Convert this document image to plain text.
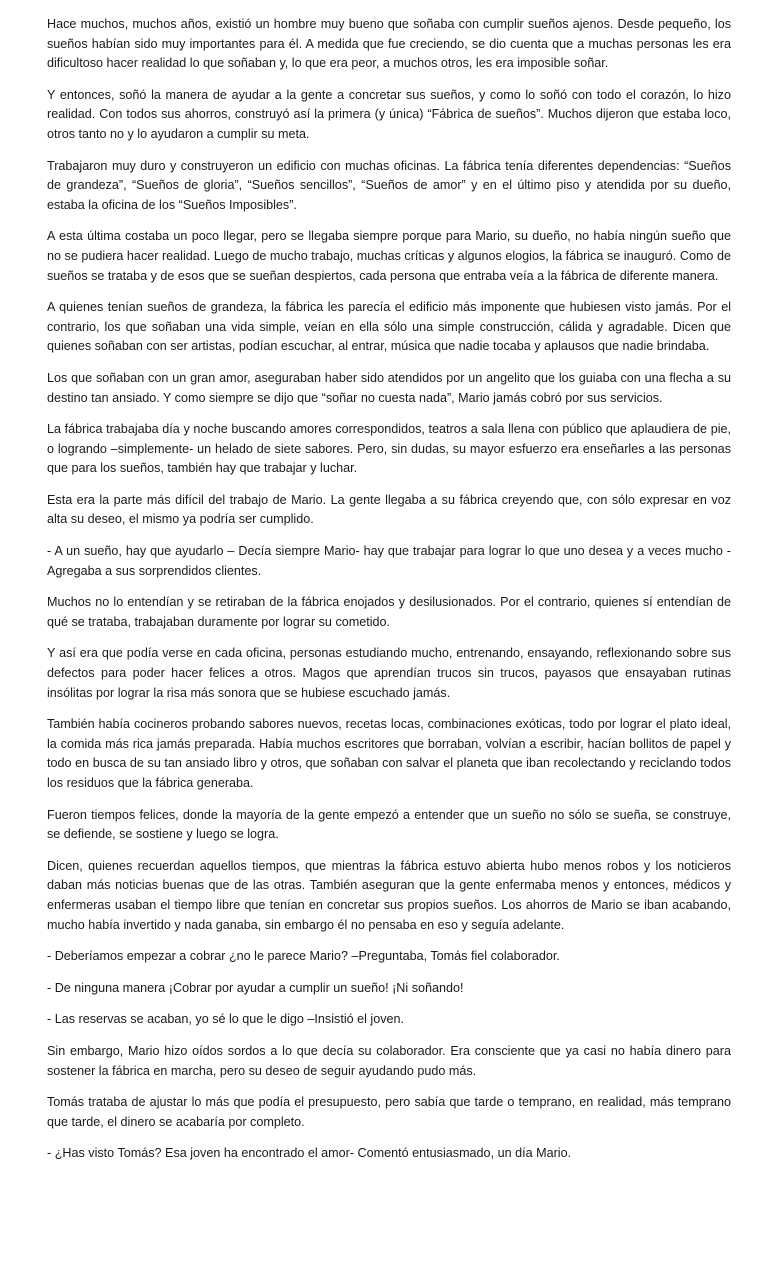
Hace muchos, muchos años, existió un hombre muy bueno que soñaba con cumplir sueños ajenos. Desde pequeño, los sueños habían sido muy importantes para él. A medida que fue creciendo, se dio cuenta que a muchas personas les era dificultoso hacer realidad lo que soñaban y, lo que era peor, a muchos otros, les era imposible soñar.

Y entonces, soñó la manera de ayudar a la gente a concretar sus sueños, y como lo soñó con todo el corazón, lo hizo realidad. Con todos sus ahorros, construyó así la primera (y única) “Fábrica de sueños”. Muchos dijeron que estaba loco, otros tanto no y lo ayudaron a cumplir su meta.

Trabajaron muy duro y construyeron un edificio con muchas oficinas. La fábrica tenía diferentes dependencias: “Sueños de grandeza”, “Sueños de gloria”, “Sueños sencillos”, “Sueños de amor” y en el último piso y atendida por su dueño, estaba la oficina de los “Sueños Imposibles”.

A esta última costaba un poco llegar, pero se llegaba siempre porque para Mario, su dueño, no había ningún sueño que no se pudiera hacer realidad. Luego de mucho trabajo, muchas críticas y algunos elogios, la fábrica se inauguró. Como de sueños se trataba y de esos que se sueñan despiertos, cada persona que entraba veía a la fábrica de diferente manera.

A quienes tenían sueños de grandeza, la fábrica les parecía el edificio más imponente que hubiesen visto jamás. Por el contrario, los que soñaban una vida simple, veían en ella sólo una simple construcción, cálida y agradable. Dicen que quienes soñaban con ser artistas, podían escuchar, al entrar, música que nadie tocaba y aplausos que nadie brindaba.

Los que soñaban con un gran amor, aseguraban haber sido atendidos por un angelito que los guiaba con una flecha a su destino tan ansiado. Y como siempre se dijo que “soñar no cuesta nada”, Mario jamás cobró por sus servicios.

La fábrica trabajaba día y noche buscando amores correspondidos, teatros a sala llena con público que aplaudiera de pie, o logrando –simplemente- un helado de siete sabores. Pero, sin dudas, su mayor esfuerzo era enseñarles a las personas que para los sueños, también hay que trabajar y luchar.

Esta era la parte más difícil del trabajo de Mario. La gente llegaba a su fábrica creyendo que, con sólo expresar en voz alta su deseo, el mismo ya podría ser cumplido.

- A un sueño, hay que ayudarlo – Decía siempre Mario- hay que trabajar para lograr lo que uno desea y a veces mucho -Agregaba a sus sorprendidos clientes.

Muchos no lo entendían y se retiraban de la fábrica enojados y desilusionados. Por el contrario, quienes sí entendían de qué se trataba, trabajaban duramente por lograr su cometido.

Y así era que podía verse en cada oficina, personas estudiando mucho, entrenando, ensayando, reflexionando sobre sus defectos para poder hacer felices a otros. Magos que aprendían trucos sin trucos, payasos que ensayaban rutinas insólitas por lograr la risa más sonora que se hubiese escuchado jamás.

También había cocineros probando sabores nuevos, recetas locas, combinaciones exóticas, todo por lograr el plato ideal, la comida más rica jamás preparada. Había muchos escritores que borraban, volvían a escribir, hacían bollitos de papel y todo en busca de su tan ansiado libro y otros, que soñaban con salvar el planeta que iban recolectando y reciclando todos los residuos que la fábrica generaba.

Fueron tiempos felices, donde la mayoría de la gente empezó a entender que un sueño no sólo se sueña, se construye, se defiende, se sostiene y luego se logra.

Dicen, quienes recuerdan aquellos tiempos, que mientras la fábrica estuvo abierta hubo menos robos y los noticieros daban más noticias buenas que de las otras. También aseguran que la gente enfermaba menos y entonces, médicos y enfermeras usaban el tiempo libre que tenían en concretar sus propios sueños. Los ahorros de Mario se iban acabando, mucho había invertido y nada ganaba, sin embargo él no pensaba en eso y seguía adelante.

- Deberíamos empezar a cobrar ¿no le parece Mario? –Preguntaba, Tomás fiel colaborador.

- De ninguna manera ¡Cobrar por ayudar a cumplir un sueño! ¡Ni soñando!

- Las reservas se acaban, yo sé lo que le digo –Insistió el joven.

Sin embargo, Mario hizo oídos sordos a lo que decía su colaborador. Era consciente que ya casi no había dinero para sostener la fábrica en marcha, pero su deseo de seguir ayudando pudo más.

Tomás trataba de ajustar lo más que podía el presupuesto, pero sabía que tarde o temprano, en realidad, más temprano que tarde, el dinero se acabaría por completo.

- ¿Has visto Tomás? Esa joven ha encontrado el amor- Comentó entusiasmado, un día Mario.
